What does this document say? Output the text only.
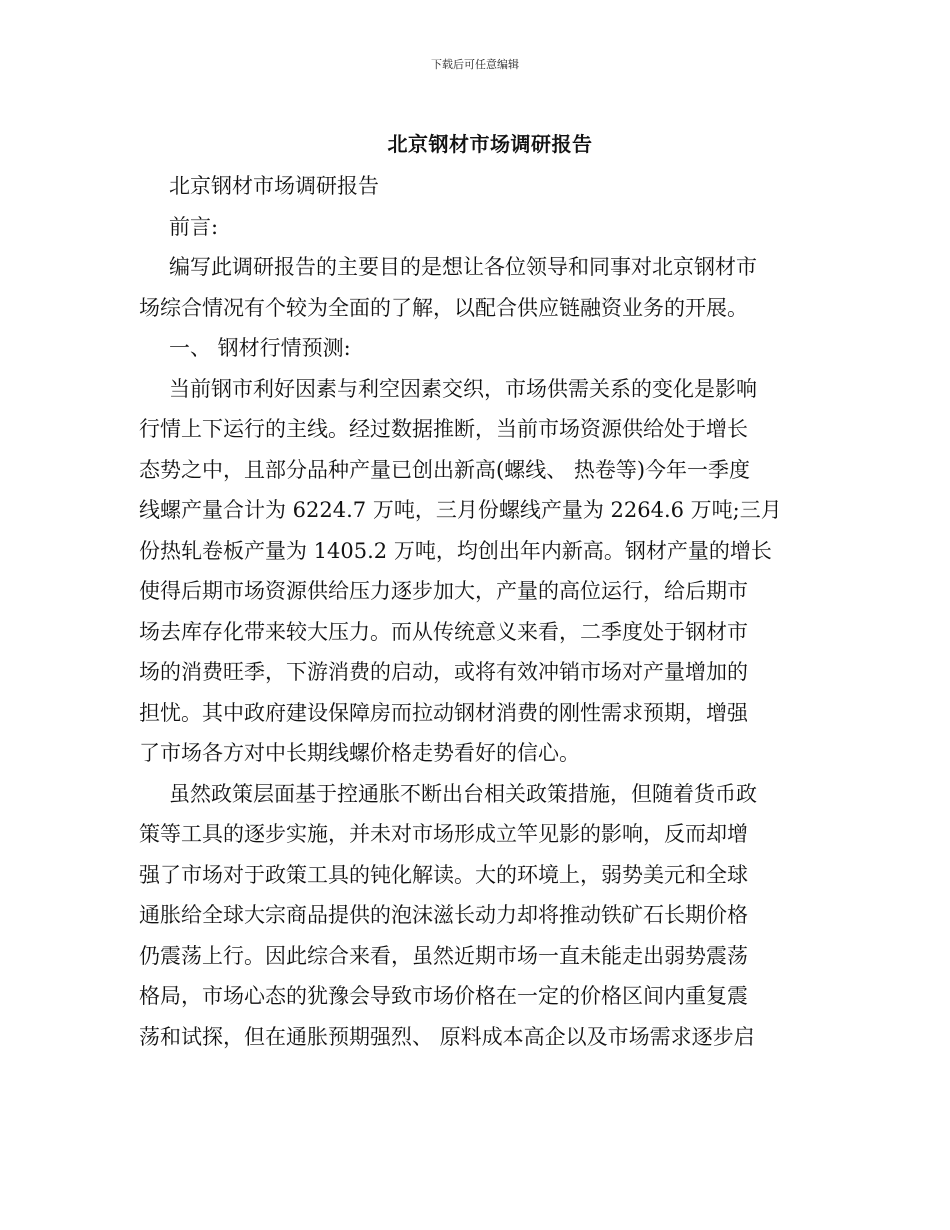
下载后可任意编辑
北京钢材市场调研报告
北京钢材市场调研报告
前言:
编写此调研报告的主要目的是想让各位领导和同事对北京钢材市
场综合情况有个较为全面的了解，以配合供应链融资业务的开展。
一、 钢材行情预测:
当前钢市利好因素与利空因素交织，市场供需关系的变化是影响
行情上下运行的主线。经过数据推断，当前市场资源供给处于增长
态势之中，且部分品种产量已创出新高(螺线、 热卷等)今年一季度
线螺产量合计为 6224.7 万吨，三月份螺线产量为 2264.6 万吨;三月
份热轧卷板产量为 1405.2 万吨，均创出年内新高。钢材产量的增长
使得后期市场资源供给压力逐步加大，产量的高位运行，给后期市
场去库存化带来较大压力。而从传统意义来看，二季度处于钢材市
场的消费旺季，下游消费的启动，或将有效冲销市场对产量增加的
担忧。其中政府建设保障房而拉动钢材消费的刚性需求预期，增强
了市场各方对中长期线螺价格走势看好的信心。
虽然政策层面基于控通胀不断出台相关政策措施，但随着货币政
策等工具的逐步实施，并未对市场形成立竿见影的影响，反而却增
强了市场对于政策工具的钝化解读。大的环境上，弱势美元和全球
通胀给全球大宗商品提供的泡沫滋长动力却将推动铁矿石长期价格
仍震荡上行。因此综合来看，虽然近期市场一直未能走出弱势震荡
格局，市场心态的犹豫会导致市场价格在一定的价格区间内重复震
荡和试探，但在通胀预期强烈、 原料成本高企以及市场需求逐步启
